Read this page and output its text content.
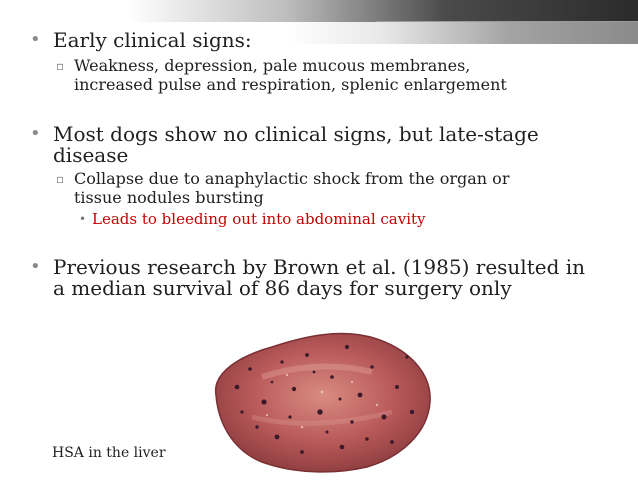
• Early clinical signs:
▫ Weakness, depression, pale mucous membranes,
increased pulse and respiration, splenic enlargement
• Most dogs show no clinical signs, but late-stage
disease
▫ Collapse due to anaphylactic shock from the organ or
tissue nodules bursting
• Leads to bleeding out into abdominal cavity
• Previous research by Brown et al. (1985) resulted in
a median survival of 86 days for surgery only
HSA in the liver
